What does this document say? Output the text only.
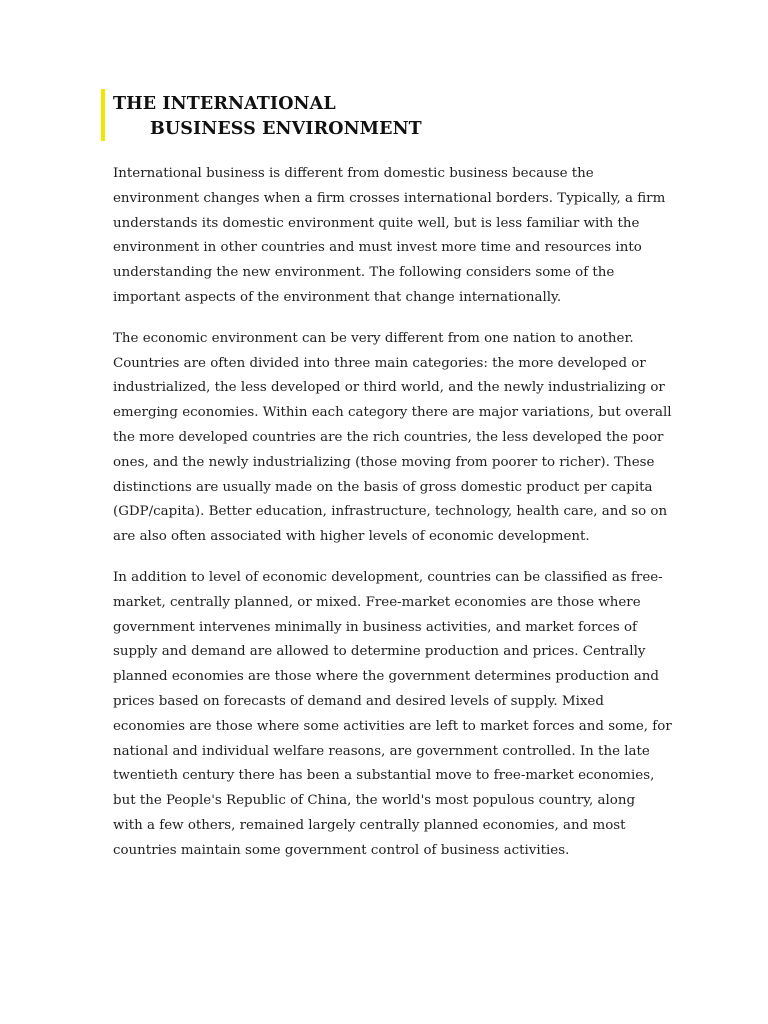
THE INTERNATIONAL
BUSINESS ENVIRONMENT

International business is different from domestic business because the
environment changes when a firm crosses international borders. Typically, a firm
understands its domestic environment quite well, but is less familiar with the
environment in other countries and must invest more time and resources into
understanding the new environment. The following considers some of the
important aspects of the environment that change internationally.

The economic environment can be very different from one nation to another.
Countries are often divided into three main categories: the more developed or
industrialized, the less developed or third world, and the newly industrializing or
emerging economies. Within each category there are major variations, but overall
the more developed countries are the rich countries, the less developed the poor
ones, and the newly industrializing (those moving from poorer to richer). These
distinctions are usually made on the basis of gross domestic product per capita
(GDP/capita). Better education, infrastructure, technology, health care, and so on
are also often associated with higher levels of economic development.

In addition to level of economic development, countries can be classified as free-
market, centrally planned, or mixed. Free-market economies are those where
government intervenes minimally in business activities, and market forces of
supply and demand are allowed to determine production and prices. Centrally
planned economies are those where the government determines production and
prices based on forecasts of demand and desired levels of supply. Mixed
economies are those where some activities are left to market forces and some, for
national and individual welfare reasons, are government controlled. In the late
twentieth century there has been a substantial move to free-market economies,
but the People's Republic of China, the world's most populous country, along
with a few others, remained largely centrally planned economies, and most
countries maintain some government control of business activities.
